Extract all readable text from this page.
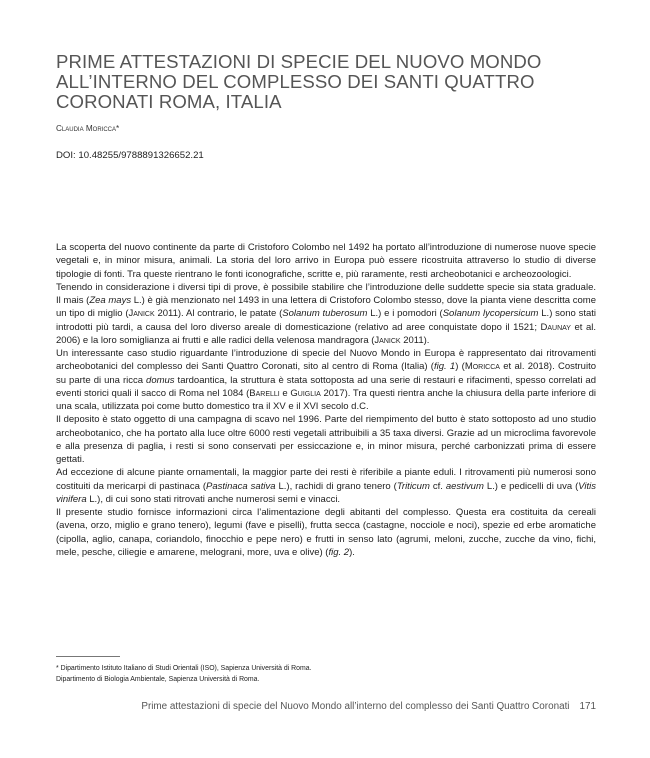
PRIME ATTESTAZIONI DI SPECIE DEL NUOVO MONDO ALL’INTERNO DEL COMPLESSO DEI SANTI QUATTRO CORONATI ROMA, ITALIA
Claudia Moricca*
DOI: 10.48255/9788891326652.21

La scoperta del nuovo continente da parte di Cristoforo Colombo nel 1492 ha portato all’introduzione di numerose nuove specie vegetali e, in minor misura, animali. La storia del loro arrivo in Europa può essere ricostruita attraverso lo studio di diverse tipologie di fonti. Tra queste rientrano le fonti iconografiche, scritte e, più raramente, resti archeobotanici e archeozoologici.

Tenendo in considerazione i diversi tipi di prove, è possibile stabilire che l’introduzione delle suddette specie sia stata graduale. Il mais (Zea mays L.) è già menzionato nel 1493 in una lettera di Cristoforo Colombo stesso, dove la pianta viene descritta come un tipo di miglio (Janick 2011). Al contrario, le patate (Solanum tuberosum L.) e i pomodori (Solanum lycopersicum L.) sono stati introdotti più tardi, a causa del loro diverso areale di domesticazione (relativo ad aree conquistate dopo il 1521; Daunay et al. 2006) e la loro somiglianza ai frutti e alle radici della velenosa mandragora (Janick 2011).

Un interessante caso studio riguardante l’introduzione di specie del Nuovo Mondo in Europa è rappresentato dai ritrovamenti archeobotanici del complesso dei Santi Quattro Coronati, sito al centro di Roma (Italia) (fig. 1) (Moricca et al. 2018). Costruito su parte di una ricca domus tardoantica, la struttura è stata sottoposta ad una serie di restauri e rifacimenti, spesso correlati ad eventi storici quali il sacco di Roma nel 1084 (Barelli e Guiglia 2017). Tra questi rientra anche la chiusura della parte inferiore di una scala, utilizzata poi come butto domestico tra il XV e il XVI secolo d.C.

Il deposito è stato oggetto di una campagna di scavo nel 1996. Parte del riempimento del butto è stato sottoposto ad uno studio archeobotanico, che ha portato alla luce oltre 6000 resti vegetali attribuibili a 35 taxa diversi. Grazie ad un microclima favorevole e alla presenza di paglia, i resti si sono conservati per essiccazione e, in minor misura, perché carbonizzati prima di essere gettati.

Ad eccezione di alcune piante ornamentali, la maggior parte dei resti è riferibile a piante eduli. I ritrovamenti più numerosi sono costituiti da mericarpi di pastinaca (Pastinaca sativa L.), rachidi di grano tenero (Triticum cf. aestivum L.) e pedicelli di uva (Vitis vinifera L.), di cui sono stati ritrovati anche numerosi semi e vinacci.

Il presente studio fornisce informazioni circa l’alimentazione degli abitanti del complesso. Questa era costituita da cereali (avena, orzo, miglio e grano tenero), legumi (fave e piselli), frutta secca (castagne, nocciole e noci), spezie ed erbe aromatiche (cipolla, aglio, canapa, coriandolo, finocchio e pepe nero) e frutti in senso lato (agrumi, meloni, zucche, zucche da vino, fichi, mele, pesche, ciliegie e amarene, melograni, more, uva e olive) (fig. 2).

* Dipartimento Istituto Italiano di Studi Orientali (ISO), Sapienza Università di Roma.
Dipartimento di Biologia Ambientale, Sapienza Università di Roma.
Prime attestazioni di specie del Nuovo Mondo all’interno del complesso dei Santi Quattro Coronati 171
